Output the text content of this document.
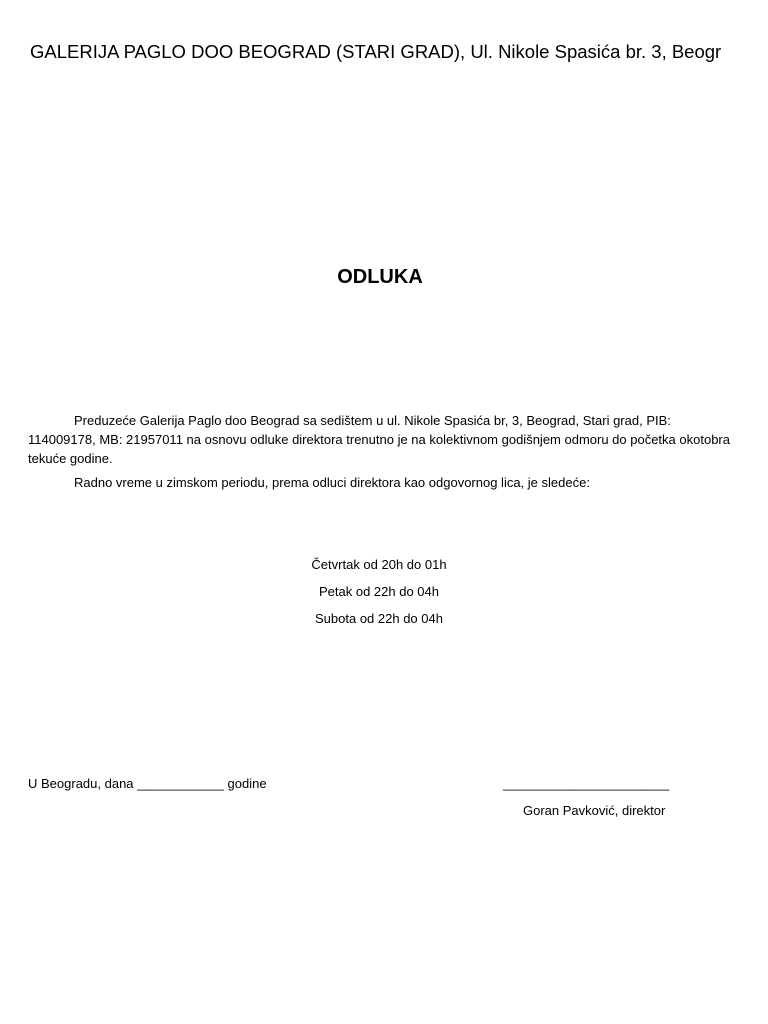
GALERIJA PAGLO DOO BEOGRAD (STARI GRAD), Ul. Nikole Spasića br. 3, Beogr
ODLUKA
Preduzeće Galerija Paglo doo Beograd sa sedištem u ul. Nikole Spasića br, 3, Beograd, Stari grad, PIB: 114009178, MB: 21957011 na osnovu odluke direktora trenutno je na kolektivnom godišnjem odmoru do početka okotobra tekuće godine.
Radno vreme u zimskom periodu, prema odluci direktora kao odgovornog lica, je sledeće:
Četvrtak od 20h do 01h
Petak od 22h do 04h
Subota od 22h do 04h
U Beogradu, dana ____________ godine	_______________________
Goran Pavković, direktor
